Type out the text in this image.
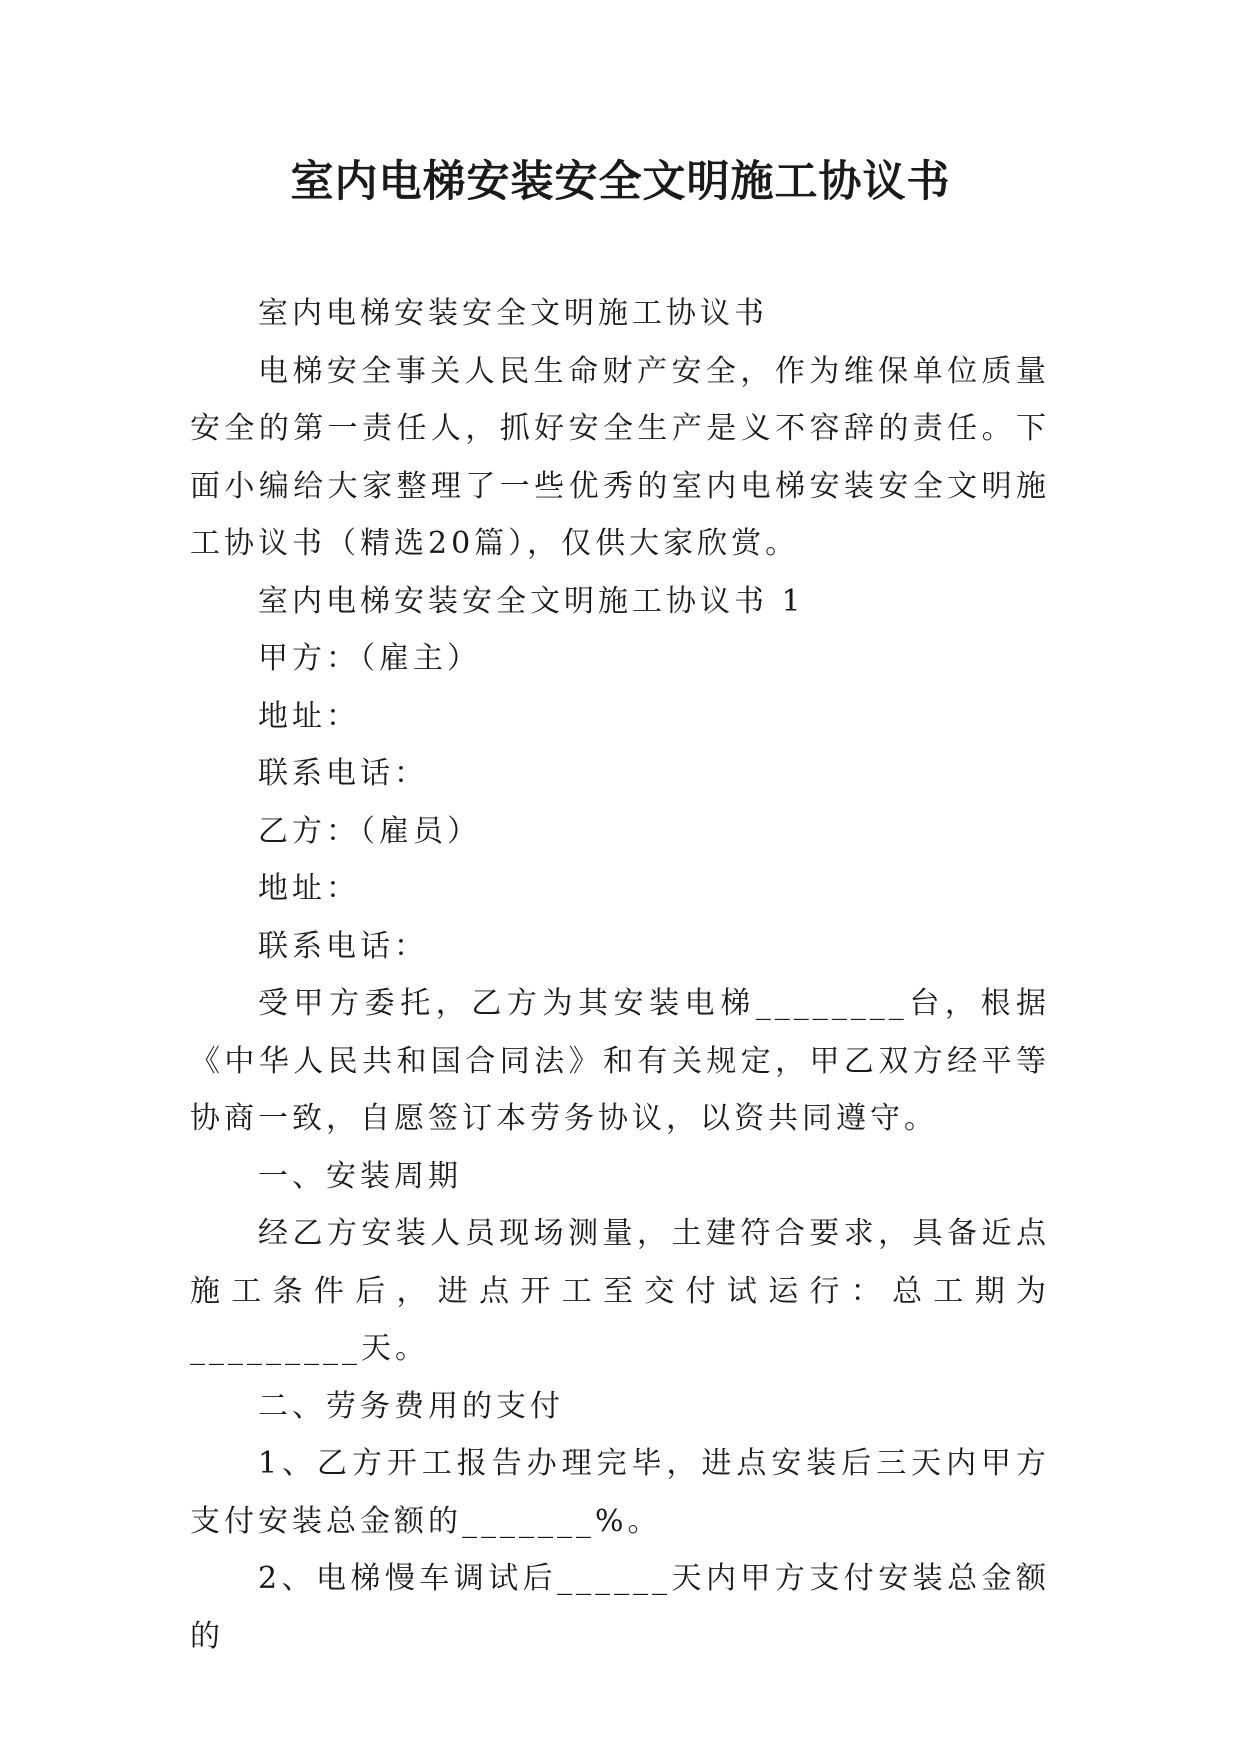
室内电梯安装安全文明施工协议书

室内电梯安装安全文明施工协议书

电梯安全事关人民生命财产安全，作为维保单位质量安全的第一责任人，抓好安全生产是义不容辞的责任。下面小编给大家整理了一些优秀的室内电梯安装安全文明施工协议书（精选20篇），仅供大家欣赏。

室内电梯安装安全文明施工协议书 1

甲方：（雇主）

地址：

联系电话：

乙方：（雇员）

地址：

联系电话：

受甲方委托，乙方为其安装电梯________台，根据《中华人民共和国合同法》和有关规定，甲乙双方经平等协商一致，自愿签订本劳务协议，以资共同遵守。

一、安装周期

经乙方安装人员现场测量，土建符合要求，具备近点施工条件后，进点开工至交付试运行：总工期为_________天。

二、劳务费用的支付

1、乙方开工报告办理完毕，进点安装后三天内甲方支付安装总金额的_______%。

2、电梯慢车调试后______天内甲方支付安装总金额的
